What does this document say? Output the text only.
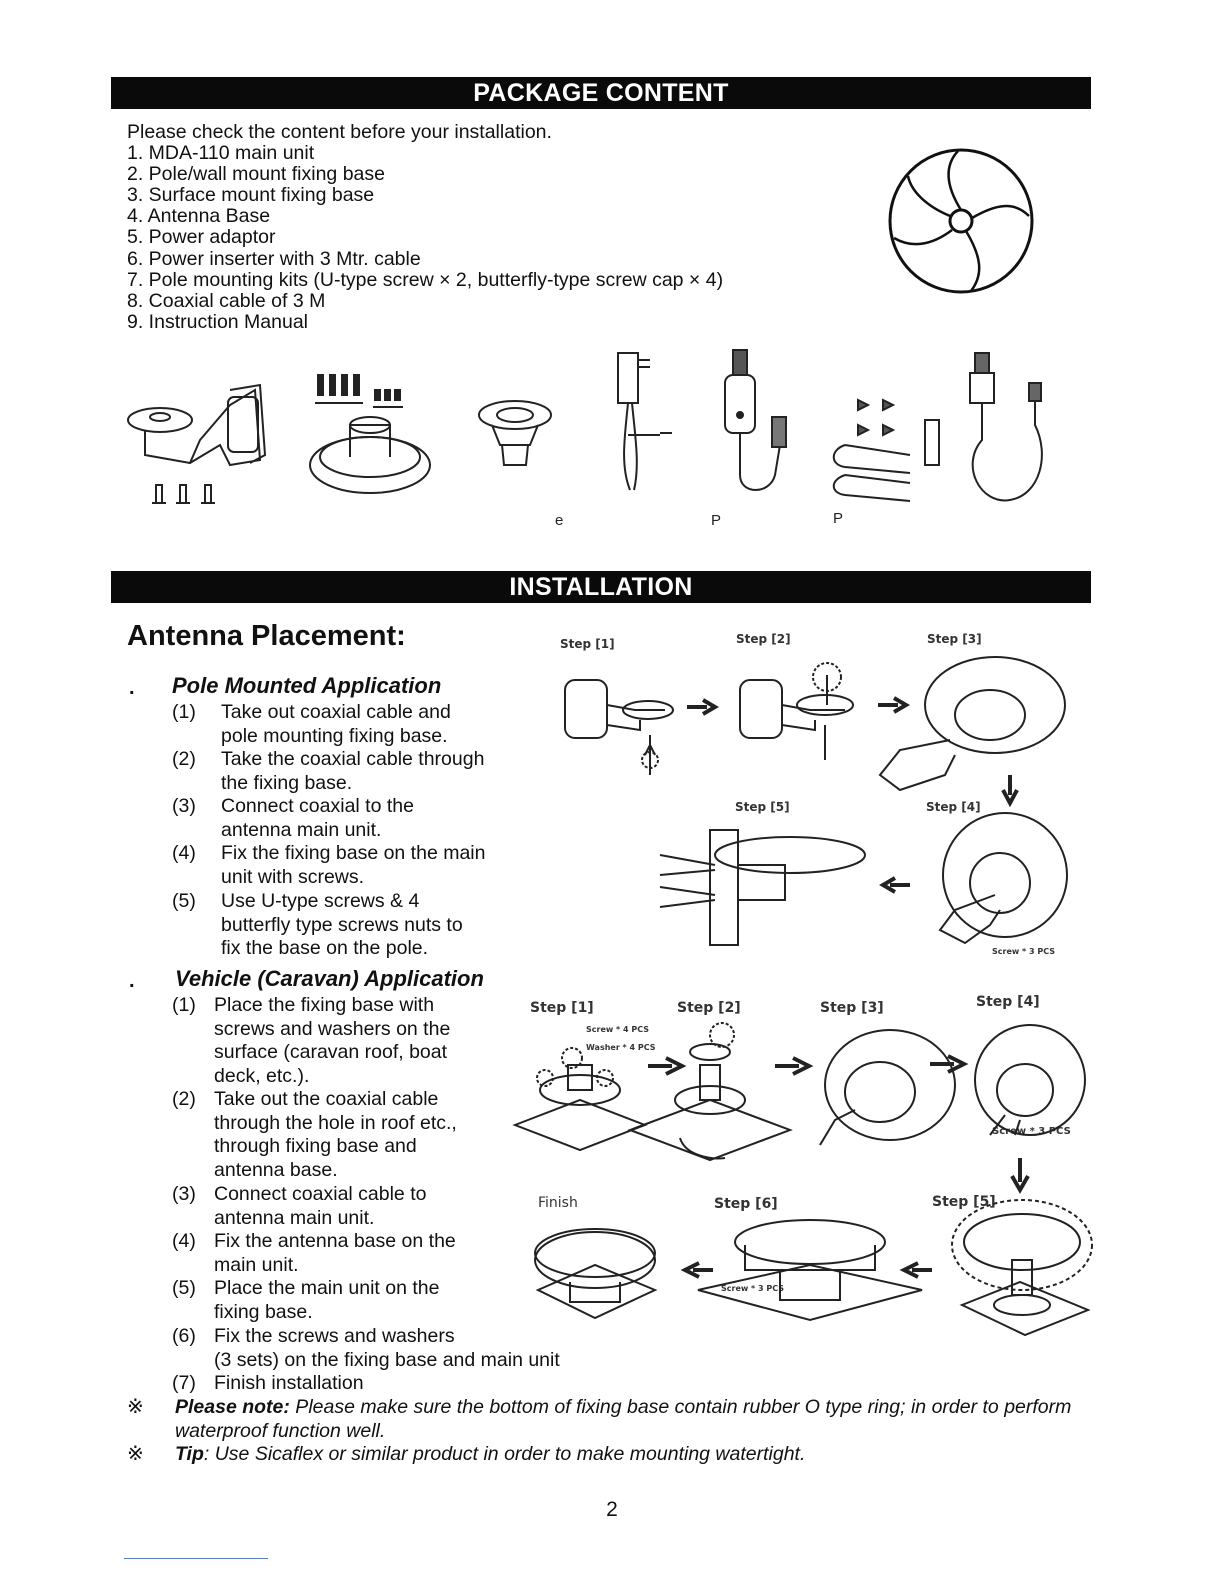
PACKAGE CONTENT
Please check the content before your installation.
1. MDA-110 main unit
2. Pole/wall mount fixing base
3. Surface mount fixing base
4. Antenna Base
5. Power adaptor
6. Power inserter with 3 Mtr. cable
7. Pole mounting kits (U-type screw × 2, butterfly-type screw cap × 4)
8. Coaxial cable of 3 M
9. Instruction Manual
e	P	P
INSTALLATION
Antenna Placement:
. Pole Mounted Application
(1) Take out coaxial cable and
pole mounting fixing base.
(2) Take the coaxial cable through
the fixing base.
(3) Connect coaxial to the
antenna main unit.
(4) Fix the fixing base on the main
unit with screws.
(5) Use U-type screws & 4
butterfly type screws nuts to
fix the base on the pole.
. Vehicle (Caravan) Application
(1) Place the fixing base with
screws and washers on the
surface (caravan roof, boat
deck, etc.).
(2) Take out the coaxial cable
through the hole in roof etc.,
through fixing base and
antenna base.
(3) Connect coaxial cable to
antenna main unit.
(4) Fix the antenna base on the
main unit.
(5) Place the main unit on the
fixing base.
(6) Fix the screws and washers
(3 sets) on the fixing base and main unit
(7) Finish installation
※ Please note: Please make sure the bottom of fixing base contain rubber O type ring; in order to perform waterproof function well.
※ Tip: Use Sicaflex or similar product in order to make mounting watertight.
Step [1]	Step [2]	Step [3]
Step [5]	Step [4]
Screw * 3 PCS
Step [1]	Step [2]	Step [3]	Step [4]
Screw * 4 PCS
Washer * 4 PCS
Screw * 3 PCS
Finish	Step [6]	Step [5]
Screw * 3 PCS
2
